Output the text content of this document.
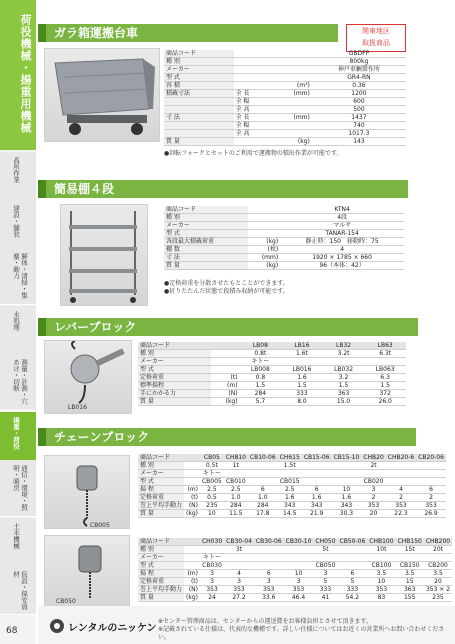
荷役機械・揚重用機械
高所作業
建設・舗装
解体・清掃・集塵・動力
水処理
測量・計測・穴あけ・切断
揚重・荷役
通信・環境・照明・暖房
土木機械
仮設・保安資材
68
関東地区
取扱商品
ガラ箱運搬台車
商品コード			GBDFP
種 別			800kg
メーカー			神戸車輌製作所
型 式			GR4-RN
容 積		(m³)	0.36
積載寸法	全 長	(mm)	1200
	全 幅		600
	全 高		500
寸 法	全 長	(mm)	1437
	全 幅		740
	全 高		1017.3
質 量		(kg)	143
●回転フォークとセットのご利用で運搬物の積出作業が可能です。
簡易棚４段
商品コード		KTN4
種 別		4段
メーカー		マルサ
型 式		TANAR-154
各段最大積載荷重	(kg)	静止時：150　移動時：75
棚 数	(枚)	4
寸 法	(mm)	1920 × 1785 × 660
質 量	(kg)	96（本体：42）
●定格荷重を分散させたもとことができます。
●折りたたんだ状態で段積み収納が可能です。
レバーブロック
LB016
商品コード		LB08	LB16	LB32	LB63
種 別		0.8t	1.6t	3.2t	6.3t
メーカー		キトー			
型 式		LB008	LB016	LB032	LB063
定格荷重	(t)	0.8	1.6	3.2	6.3
標準揚程	(m)	1.5	1.5	1.5	1.5
手にかかる力	(N)	284	333	363	372
質 量	(kg)	5.7	8.0	15.0	26.0
チェーンブロック
CB005
CB050
商品コード		CB05	CH810	CB10-06	CH615	CB15-06	CB15-10	CHB20	CHB20-6	CB20-06
種 別		0.5t	1t		1.5t			2t		
メーカー		キトー								
型 式		CB005	CB010		CB015			CB020		
揚 程	(m)	2.5	2.5	6	2.5	6	10	3	4	6
定格荷重	(t)	0.5	1.0	1.0	1.6	1.6	1.6	2	2	2
巻上平均手動力	(N)	235	284	284	343	343	343	353	353	353
質 量	(kg)	10	11.5	17.8	14.5	21.9	30.3	20	22.3	26.9
商品コード		CH030	CB30-04	CB30-06	CB30-10	CH050	CB50-06	CHB100	CHB150	CHB200
種 別			3t			5t		10t	15t	20t
メーカー		キトー								
型 式		CB030				CB050		CB100	CB150	CB200
揚 程	(m)	3	4	6	10	3	6	3.5	3.5	3.5
定格荷重	(t)	3	3	3	3	5	5	10	15	20
巻上平均手動力	(N)	353	353	353	353	333	333	353	363	353 × 2
質 量	(kg)	24	27.2	33.6	46.4	41	54.2	83	155	235
レンタルのニッケン
※センター管理商品は、センターからの運送費をお客様負担とさせて頂きます。
※記載されている仕様は、代表的な機種です。詳しい仕様についてはお近くの営業所へお問い合わせください。
